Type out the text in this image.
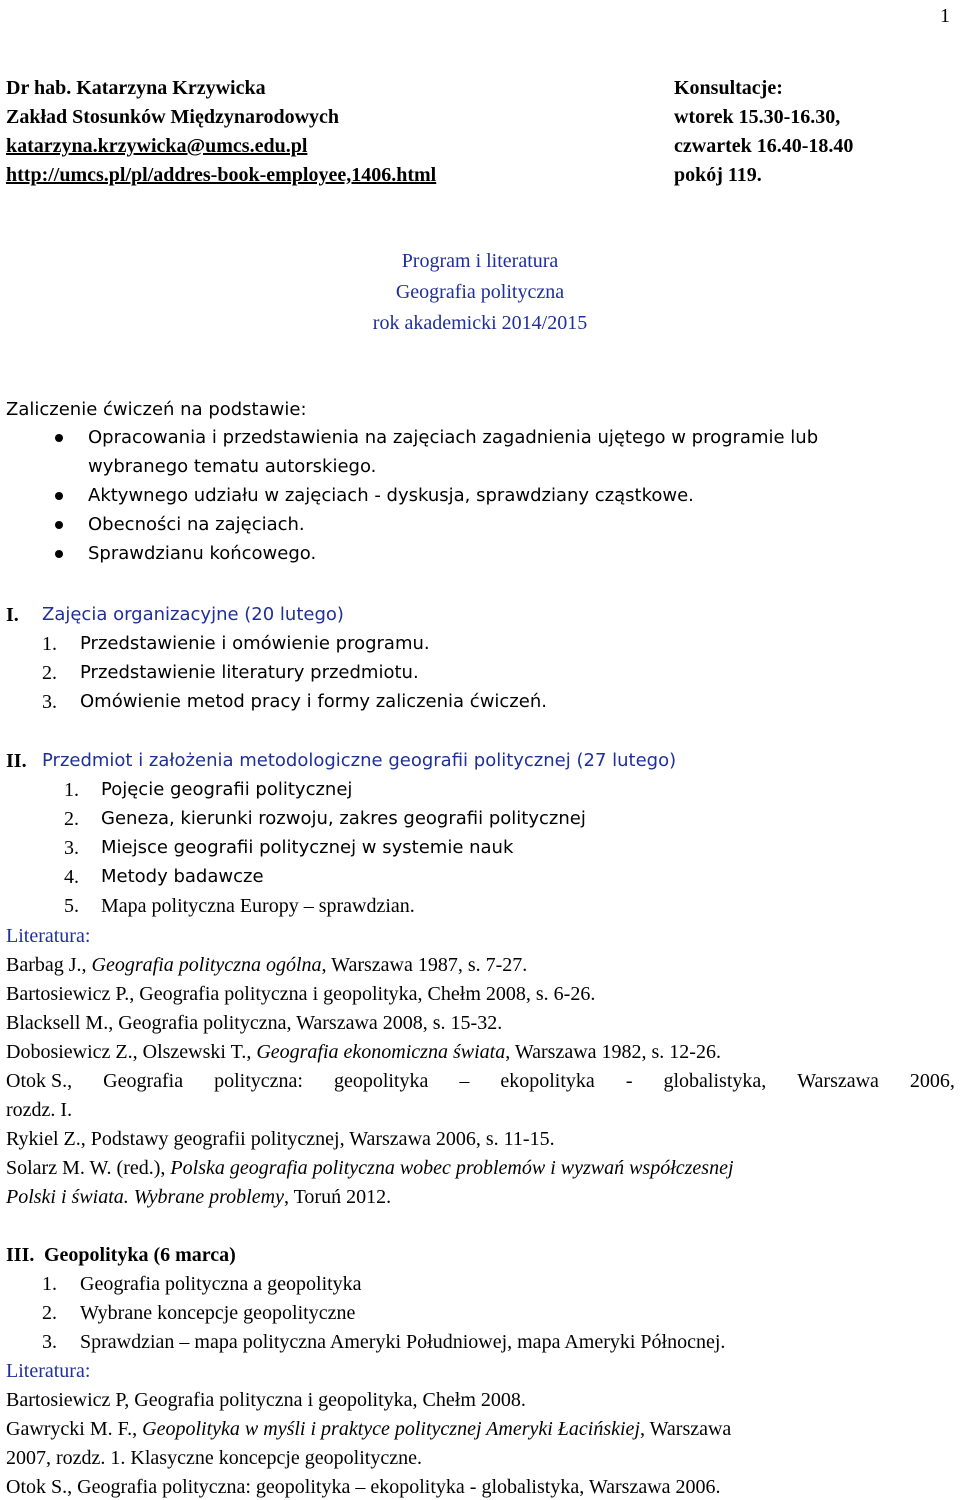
1
Dr hab. Katarzyna Krzywicka
Zakład Stosunków Międzynarodowych
katarzyna.krzywicka@umcs.edu.pl
http://umcs.pl/pl/addres-book-employee,1406.html
Konsultacje:
wtorek 15.30-16.30,
czwartek 16.40-18.40
pokój 119.
Program i literatura
Geografia polityczna
rok akademicki 2014/2015
Zaliczenie ćwiczeń na podstawie:
Opracowania i przedstawienia na zajęciach zagadnienia ujętego w programie lub
wybranego tematu autorskiego.
Aktywnego udziału w zajęciach - dyskusja, sprawdziany cząstkowe.
Obecności na zajęciach.
Sprawdzianu końcowego.
I. Zajęcia organizacyjne (20 lutego)
1. Przedstawienie i omówienie programu.
2. Przedstawienie literatury przedmiotu.
3. Omówienie metod pracy i formy zaliczenia ćwiczeń.
II. Przedmiot i założenia metodologiczne geografii politycznej (27 lutego)
1. Pojęcie geografii politycznej
2. Geneza, kierunki rozwoju, zakres geografii politycznej
3. Miejsce geografii politycznej w systemie nauk
4. Metody badawcze
5. Mapa polityczna Europy – sprawdzian.
Literatura:
Barbag J., Geografia polityczna ogólna, Warszawa 1987, s. 7-27.
Bartosiewicz P., Geografia polityczna i geopolityka, Chełm 2008, s. 6-26.
Blacksell M., Geografia polityczna, Warszawa 2008, s. 15-32.
Dobosiewicz Z., Olszewski T., Geografia ekonomiczna świata, Warszawa 1982, s. 12-26.
Otok S., Geografia polityczna: geopolityka – ekopolityka - globalistyka, Warszawa 2006,
rozdz. I.
Rykiel Z., Podstawy geografii politycznej, Warszawa 2006, s. 11-15.
Solarz M. W. (red.), Polska geografia polityczna wobec problemów i wyzwań współczesnej
Polski i świata. Wybrane problemy, Toruń 2012.
III. Geopolityka (6 marca)
1. Geografia polityczna a geopolityka
2. Wybrane koncepcje geopolityczne
3. Sprawdzian – mapa polityczna Ameryki Południowej, mapa Ameryki Północnej.
Literatura:
Bartosiewicz P, Geografia polityczna i geopolityka, Chełm 2008.
Gawrycki M. F., Geopolityka w myśli i praktyce politycznej Ameryki Łacińskiej, Warszawa
2007, rozdz. 1. Klasyczne koncepcje geopolityczne.
Otok S., Geografia polityczna: geopolityka – ekopolityka - globalistyka, Warszawa 2006.
